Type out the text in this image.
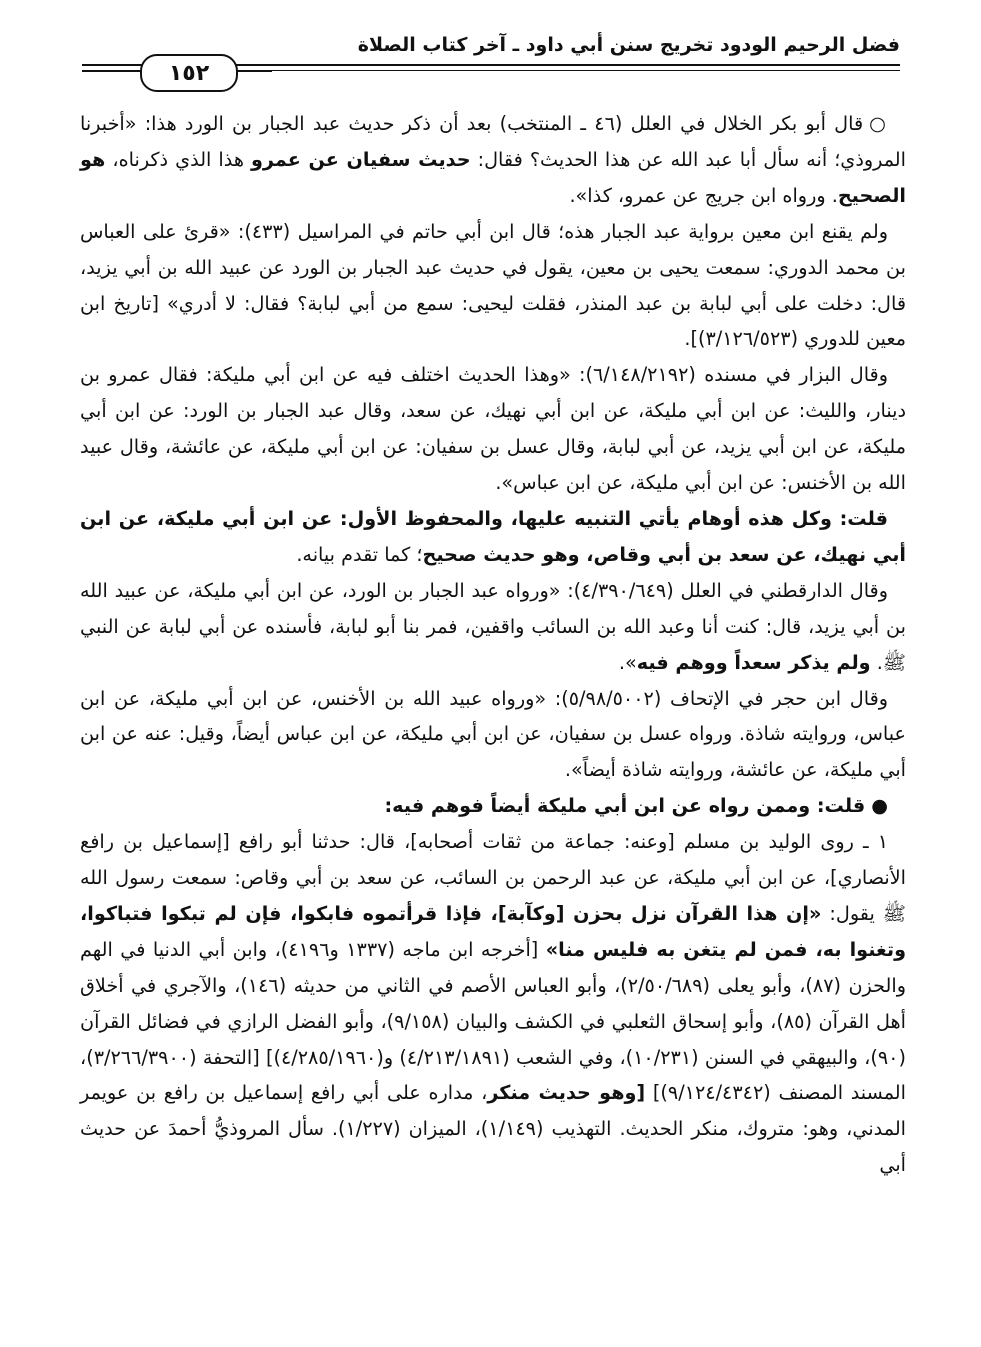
فضل الرحيم الودود تخريج سنن أبي داود ـ آخر كتاب الصلاة
١٥٢

○قال أبو بكر الخلال في العلل (٤٦ ـ المنتخب) بعد أن ذكر حديث عبد الجبار بن الورد هذا: «أخبرنا المروذي؛ أنه سأل أبا عبد الله عن هذا الحديث؟ فقال: حديث سفيان عن عمرو هذا الذي ذكرناه، هو الصحيح. ورواه ابن جريج عن عمرو، كذا».

ولم يقنع ابن معين برواية عبد الجبار هذه؛ قال ابن أبي حاتم في المراسيل (٤٣٣): «قرئ على العباس بن محمد الدوري: سمعت يحيى بن معين، يقول في حديث عبد الجبار بن الورد عن عبيد الله بن أبي يزيد، قال: دخلت على أبي لبابة بن عبد المنذر، فقلت ليحيى: سمع من أبي لبابة؟ فقال: لا أدري» [تاريخ ابن معين للدوري (٣/١٢٦/٥٢٣)].

وقال البزار في مسنده (٦/١٤٨/٢١٩٢): «وهذا الحديث اختلف فيه عن ابن أبي مليكة: فقال عمرو بن دينار، والليث: عن ابن أبي مليكة، عن ابن أبي نهيك، عن سعد، وقال عبد الجبار بن الورد: عن ابن أبي مليكة، عن ابن أبي يزيد، عن أبي لبابة، وقال عسل بن سفيان: عن ابن أبي مليكة، عن عائشة، وقال عبيد الله بن الأخنس: عن ابن أبي مليكة، عن ابن عباس».

قلت: وكل هذه أوهام يأتي التنبيه عليها، والمحفوظ الأول: عن ابن أبي مليكة، عن ابن أبي نهيك، عن سعد بن أبي وقاص، وهو حديث صحيح؛ كما تقدم بيانه.

وقال الدارقطني في العلل (٤/٣٩٠/٦٤٩): «ورواه عبد الجبار بن الورد، عن ابن أبي مليكة، عن عبيد الله بن أبي يزيد، قال: كنت أنا وعبد الله بن السائب واقفين، فمر بنا أبو لبابة، فأسنده عن أبي لبابة عن النبي ﷺ. ولم يذكر سعداً ووهم فيه».

وقال ابن حجر في الإتحاف (٥/٩٨/٥٠٠٢): «ورواه عبيد الله بن الأخنس، عن ابن أبي مليكة، عن ابن عباس، وروايته شاذة. ورواه عسل بن سفيان، عن ابن أبي مليكة، عن ابن عباس أيضاً، وقيل: عنه عن ابن أبي مليكة، عن عائشة، وروايته شاذة أيضاً».

●قلت: وممن رواه عن ابن أبي مليكة أيضاً فوهم فيه:

١ ـ روى الوليد بن مسلم [وعنه: جماعة من ثقات أصحابه]، قال: حدثنا أبو رافع [إسماعيل بن رافع الأنصاري]، عن ابن أبي مليكة، عن عبد الرحمن بن السائب، عن سعد بن أبي وقاص: سمعت رسول الله ﷺ يقول: «إن هذا القرآن نزل بحزن [وكآبة]، فإذا قرأتموه فابكوا، فإن لم تبكوا فتباكوا، وتغنوا به، فمن لم يتغن به فليس منا» [أخرجه ابن ماجه (١٣٣٧ و٤١٩٦)، وابن أبي الدنيا في الهم والحزن (٨٧)، وأبو يعلى (٢/٥٠/٦٨٩)، وأبو العباس الأصم في الثاني من حديثه (١٤٦)، والآجري في أخلاق أهل القرآن (٨٥)، وأبو إسحاق الثعلبي في الكشف والبيان (٩/١٥٨)، وأبو الفضل الرازي في فضائل القرآن (٩٠)، والبيهقي في السنن (١٠/٢٣١)، وفي الشعب (٤/٢١٣/١٨٩١) و(٤/٢٨٥/١٩٦٠)] [التحفة (٣/٢٦٦/٣٩٠٠)، المسند المصنف (٩/١٢٤/٤٣٤٢)] [وهو حديث منكر، مداره على أبي رافع إسماعيل بن رافع بن عويمر المدني، وهو: متروك، منكر الحديث. التهذيب (١/١٤٩)، الميزان (١/٢٢٧). سأل المروذيُّ أحمدَ عن حديث أبي
